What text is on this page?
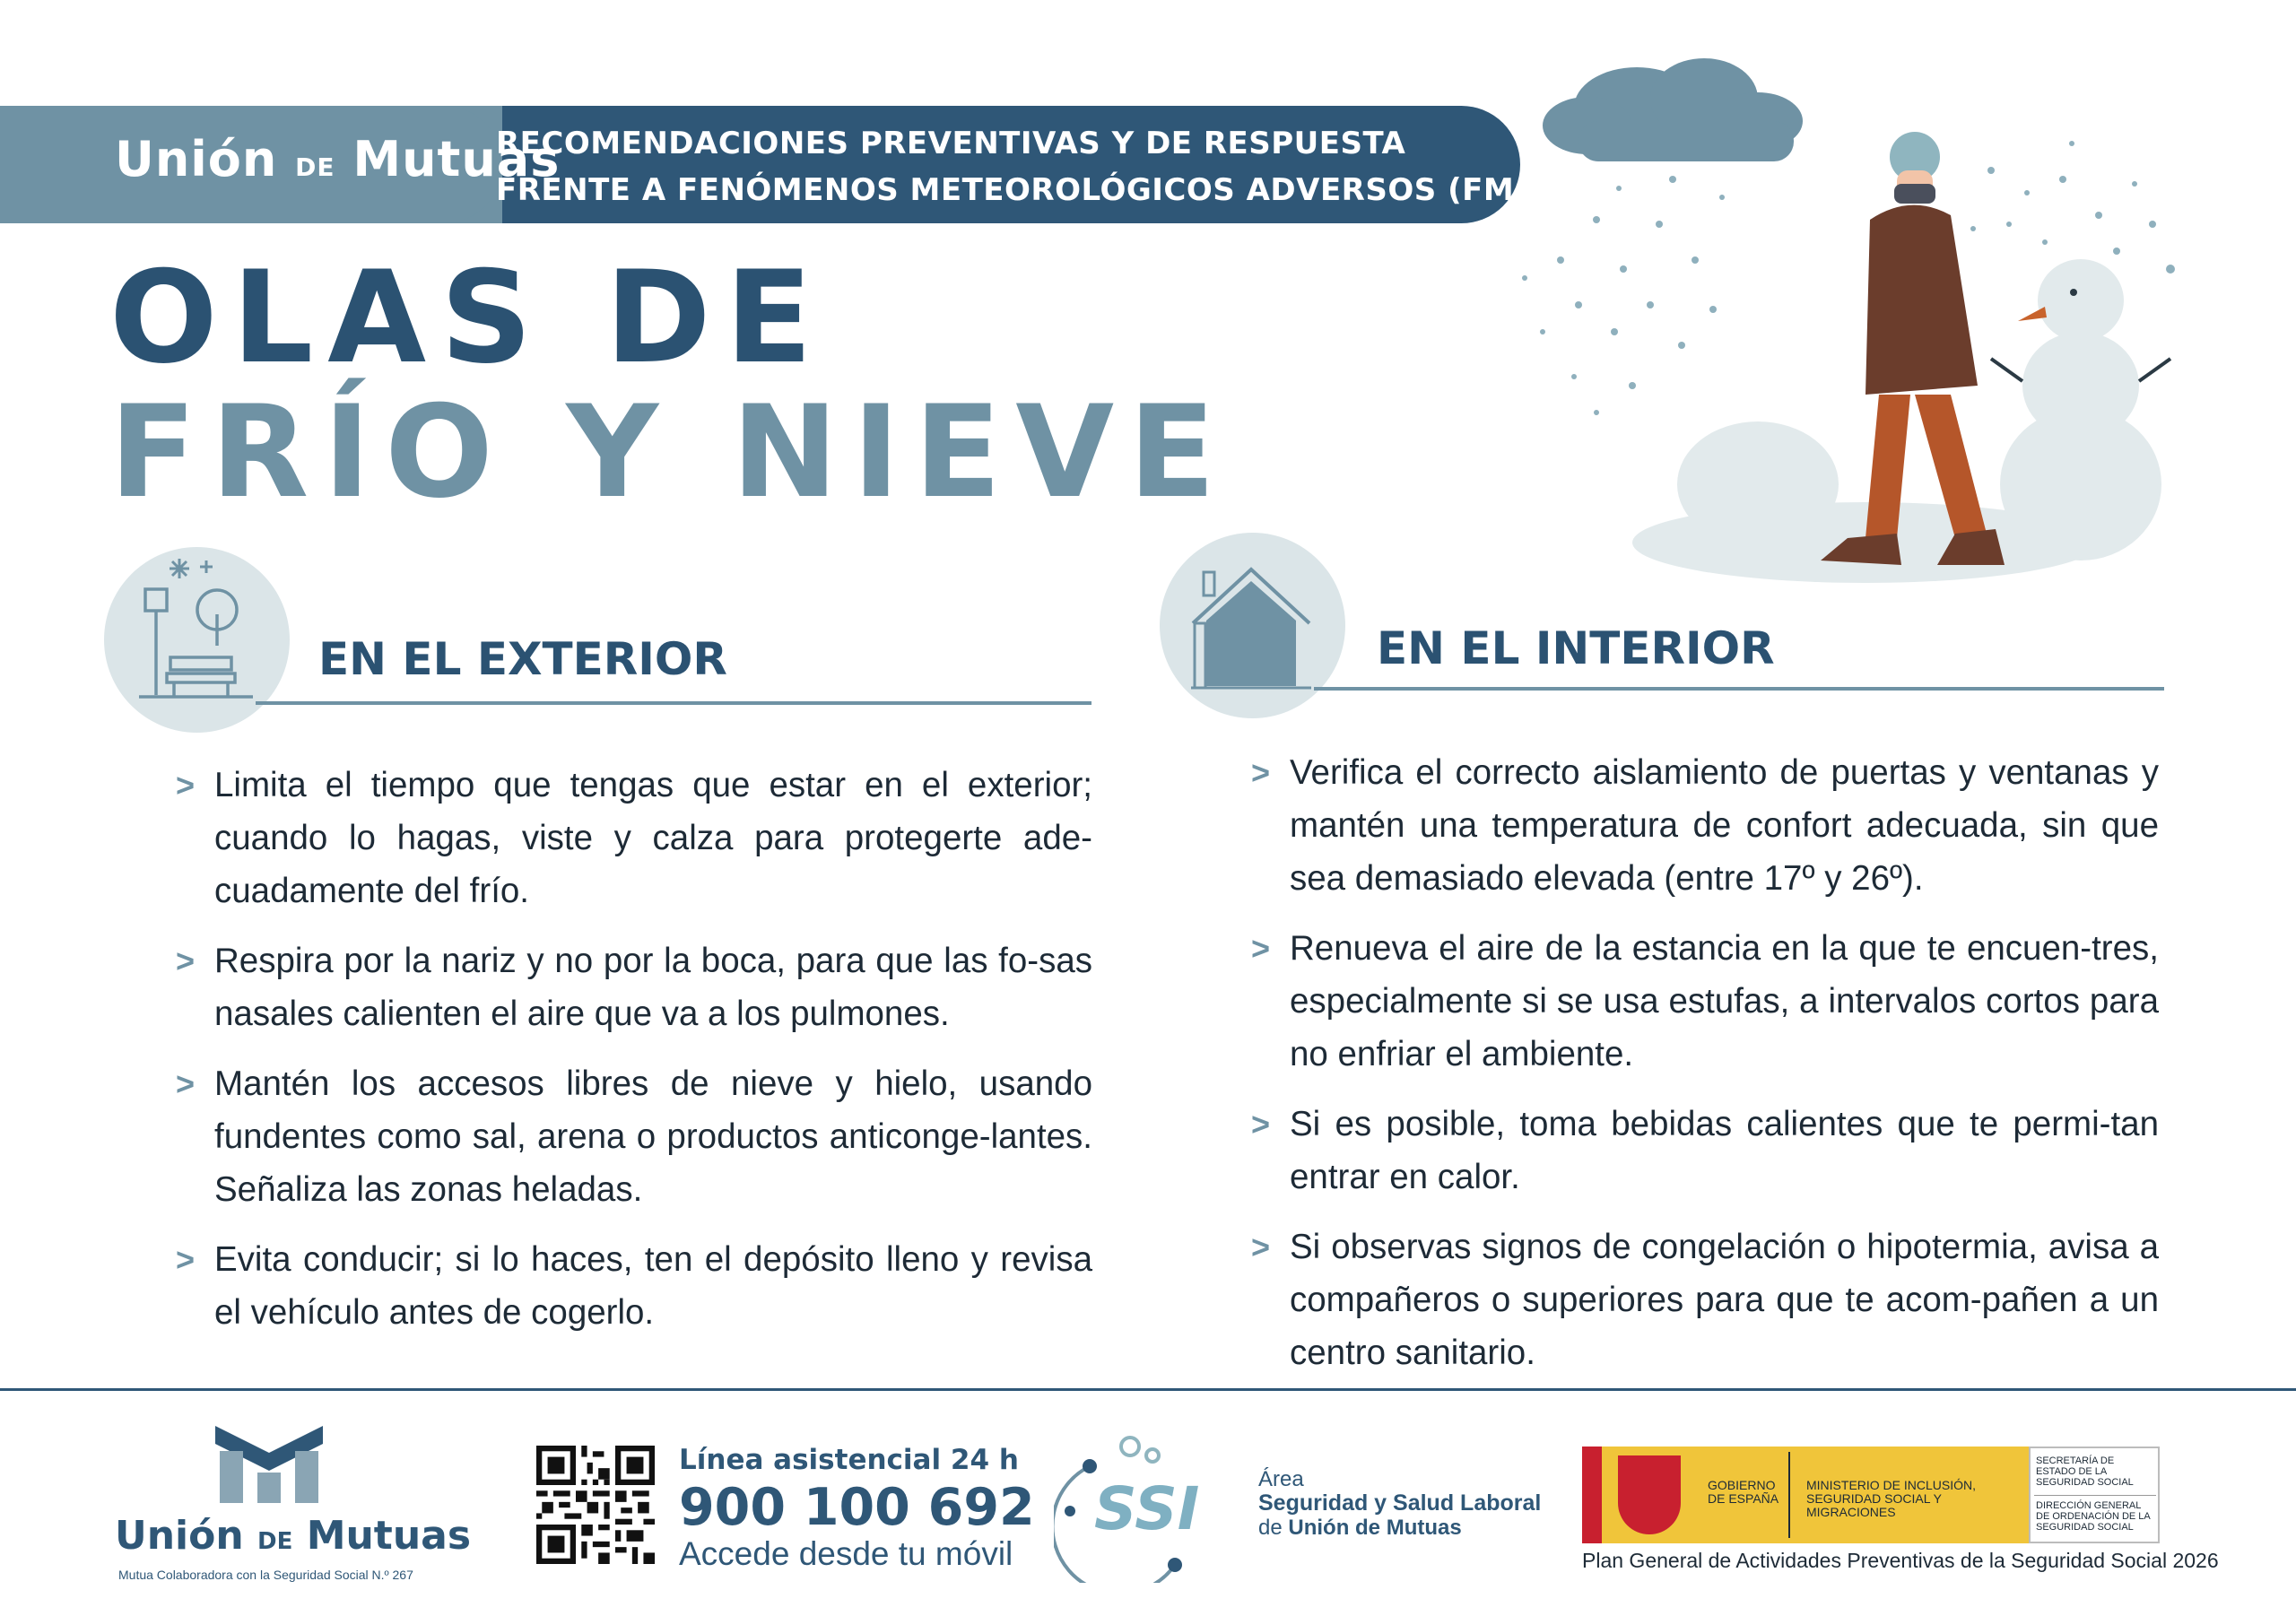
Unión DE Mutuas
RECOMENDACIONES PREVENTIVAS Y DE RESPUESTA
FRENTE A FENÓMENOS METEOROLÓGICOS ADVERSOS (FMA)
OLAS DE
FRÍO Y NIEVE
EN EL EXTERIOR
> Limita el tiempo que tengas que estar en el exterior; cuando lo hagas, viste y calza para protegerte ade-cuadamente del frío.
> Respira por la nariz y no por la boca, para que las fo-sas nasales calienten el aire que va a los pulmones.
> Mantén los accesos libres de nieve y hielo, usando fundentes como sal, arena o productos anticonge-lantes. Señaliza las zonas heladas.
> Evita conducir; si lo haces, ten el depósito lleno y revisa el vehículo antes de cogerlo.
EN EL INTERIOR
> Verifica el correcto aislamiento de puertas y ventanas y mantén una temperatura de confort adecuada, sin que sea demasiado elevada (entre 17º y 26º).
> Renueva el aire de la estancia en la que te encuen-tres, especialmente si se usa estufas, a intervalos cortos para no enfriar el ambiente.
> Si es posible, toma bebidas calientes que te permi-tan entrar en calor.
> Si observas signos de congelación o hipotermia, avisa a compañeros o superiores para que te acom-pañen a un centro sanitario.
Unión DE Mutuas
Mutua Colaboradora con la Seguridad Social N.º 267
Línea asistencial 24 h
900 100 692
Accede desde tu móvil
SSI	Área
Seguridad y Salud Laboral
de Unión de Mutuas
GOBIERNO DE ESPAÑA
MINISTERIO DE INCLUSIÓN, SEGURIDAD SOCIAL Y MIGRACIONES
SECRETARÍA DE ESTADO DE LA SEGURIDAD SOCIAL
DIRECCIÓN GENERAL DE ORDENACIÓN DE LA SEGURIDAD SOCIAL
Plan General de Actividades Preventivas de la Seguridad Social 2026
